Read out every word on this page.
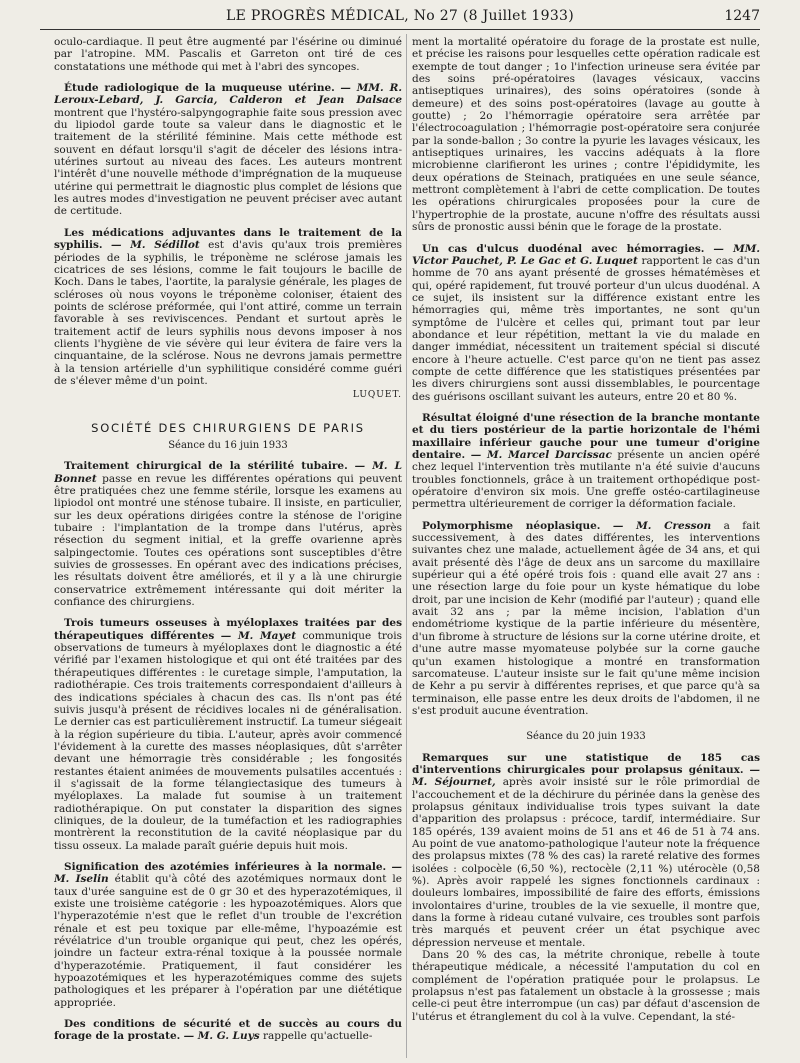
LE PROGRÈS MÉDICAL, No 27 (8 Juillet 1933)	1247

oculo-cardiaque. Il peut être augmenté par l'ésérine ou diminué par l'atropine. MM. Pascalis et Garreton ont tiré de ces constatations une méthode qui met à l'abri des syncopes.

Étude radiologique de la muqueuse utérine. — MM. R. Leroux-Lebard, J. Garcia, Calderon et Jean Dalsace montrent que l'hystéro-salpyngographie faite sous pression avec du lipiodol garde toute sa valeur dans le diagnostic et le traitement de la stérilité féminine. Mais cette méthode est souvent en défaut lorsqu'il s'agit de déceler des lésions intra-utérines surtout au niveau des faces. Les auteurs montrent l'intérêt d'une nouvelle méthode d'imprégnation de la muqueuse utérine qui permettrait le diagnostic plus complet de lésions que les autres modes d'investigation ne peuvent préciser avec autant de certitude.

Les médications adjuvantes dans le traitement de la syphilis. — M. Sédillot est d'avis qu'aux trois premières périodes de la syphilis, le tréponème ne sclérose jamais les cicatrices de ses lésions, comme le fait toujours le bacille de Koch. Dans le tabes, l'aortite, la paralysie générale, les plages de scléroses où nous voyons le tréponème coloniser, étaient des points de sclérose préformée, qui l'ont attiré, comme un terrain favorable à ses reviviscences. Pendant et surtout après le traitement actif de leurs syphilis nous devons imposer à nos clients l'hygiène de vie sévère qui leur évitera de faire vers la cinquantaine, de la sclérose. Nous ne devrons jamais permettre à la tension artérielle d'un syphilitique considéré comme guéri de s'élever même d'un point.

LUQUET.
SOCIÉTÉ DES CHIRURGIENS DE PARIS
Séance du 16 juin 1933

Traitement chirurgical de la stérilité tubaire. — M. L Bonnet passe en revue les différentes opérations qui peuvent être pratiquées chez une femme stérile, lorsque les examens au lipiodol ont montré une sténose tubaire. Il insiste, en particulier, sur les deux opérations dirigées contre la sténose de l'origine tubaire : l'implantation de la trompe dans l'utérus, après résection du segment initial, et la greffe ovarienne après salpingectomie. Toutes ces opérations sont susceptibles d'être suivies de grossesses. En opérant avec des indications précises, les résultats doivent être améliorés, et il y a là une chirurgie conservatrice extrêmement intéressante qui doit mériter la confiance des chirurgiens.

Trois tumeurs osseuses à myéloplaxes traitées par des thérapeutiques différentes — M. Mayet communique trois observations de tumeurs à myéloplaxes dont le diagnostic a été vérifié par l'examen histologique et qui ont été traitées par des thérapeutiques différentes : le curetage simple, l'amputation, la radiothérapie. Ces trois traitements correspondaient d'ailleurs à des indications spéciales à chacun des cas. Ils n'ont pas été suivis jusqu'à présent de récidives locales ni de généralisation. Le dernier cas est particulièrement instructif. La tumeur siégeait à la région supérieure du tibia. L'auteur, après avoir commencé l'évidement à la curette des masses néoplasiques, dût s'arrêter devant une hémorragie très considérable ; les fongosités restantes étaient animées de mouvements pulsatiles accentués : il s'agissait de la forme télangiectasique des tumeurs à myéloplaxes. La malade fut soumise à un traitement radiothérapique. On put constater la disparition des signes cliniques, de la douleur, de la tuméfaction et les radiographies montrèrent la reconstitution de la cavité néoplasique par du tissu osseux. La malade paraît guérie depuis huit mois.

Signification des azotémies inférieures à la normale. — M. Iselin établit qu'à côté des azotémiques normaux dont le taux d'urée sanguine est de 0 gr 30 et des hyperazotémiques, il existe une troisième catégorie : les hypoazotémiques. Alors que l'hyperazotémie n'est que le reflet d'un trouble de l'excrétion rénale et est peu toxique par elle-même, l'hypoazémie est révélatrice d'un trouble organique qui peut, chez les opérés, joindre un facteur extra-rénal toxique à la poussée normale d'hyperazotémie. Pratiquement, il faut considérer les hypoazotémiques et les hyperazotémiques comme des sujets pathologiques et les préparer à l'opération par une diététique appropriée.

Des conditions de sécurité et de succès au cours du forage de la prostate. — M. G. Luys rappelle qu'actuelle-

ment la mortalité opératoire du forage de la prostate est nulle, et précise les raisons pour lesquelles cette opération radicale est exempte de tout danger ; 1o l'infection urineuse sera évitée par des soins pré-opératoires (lavages vésicaux, vaccins antiseptiques urinaires), des soins opératoires (sonde à demeure) et des soins post-opératoires (lavage au goutte à goutte) ; 2o l'hémorragie opératoire sera arrêtée par l'électrocoagulation ; l'hémorragie post-opératoire sera conjurée par la sonde-ballon ; 3o contre la pyurie les lavages vésicaux, les antiseptiques urinaires, les vaccins adéquats à la flore microbienne clarifieront les urines ; contre l'épididymite, les deux opérations de Steinach, pratiquées en une seule séance, mettront complètement à l'abri de cette complication. De toutes les opérations chirurgicales proposées pour la cure de l'hypertrophie de la prostate, aucune n'offre des résultats aussi sûrs de pronostic aussi bénin que le forage de la prostate.

Un cas d'ulcus duodénal avec hémorragies. — MM. Victor Pauchet, P. Le Gac et G. Luquet rapportent le cas d'un homme de 70 ans ayant présenté de grosses hématémèses et qui, opéré rapidement, fut trouvé porteur d'un ulcus duodénal. A ce sujet, ils insistent sur la différence existant entre les hémorragies qui, même très importantes, ne sont qu'un symptôme de l'ulcère et celles qui, primant tout par leur abondance et leur répétition, mettant la vie du malade en danger immédiat, nécessitent un traitement spécial si discuté encore à l'heure actuelle. C'est parce qu'on ne tient pas assez compte de cette différence que les statistiques présentées par les divers chirurgiens sont aussi dissemblables, le pourcentage des guérisons oscillant suivant les auteurs, entre 20 et 80 %.

Résultat éloigné d'une résection de la branche montante et du tiers postérieur de la partie horizontale de l'hémi maxillaire inférieur gauche pour une tumeur d'origine dentaire. — M. Marcel Darcissac présente un ancien opéré chez lequel l'intervention très mutilante n'a été suivie d'aucuns troubles fonctionnels, grâce à un traitement orthopédique post-opératoire d'environ six mois. Une greffe ostéo-cartilagineuse permettra ultérieurement de corriger la déformation faciale.

Polymorphisme néoplasique. — M. Cresson a fait successivement, à des dates différentes, les interventions suivantes chez une malade, actuellement âgée de 34 ans, et qui avait présenté dès l'âge de deux ans un sarcome du maxillaire supérieur qui a été opéré trois fois : quand elle avait 27 ans : une résection large du foie pour un kyste hématique du lobe droit, par une incision de Kehr (modifié par l'auteur) ; quand elle avait 32 ans ; par la même incision, l'ablation d'un endométriome kystique de la partie inférieure du mésentère, d'un fibrome à structure de lésions sur la corne utérine droite, et d'une autre masse myomateuse polybée sur la corne gauche qu'un examen histologique a montré en transformation sarcomateuse. L'auteur insiste sur le fait qu'une même incision de Kehr a pu servir à différentes reprises, et que parce qu'à sa terminaison, elle passe entre les deux droits de l'abdomen, il ne s'est produit aucune éventration.

Séance du 20 juin 1933

Remarques sur une statistique de 185 cas d'interventions chirurgicales pour prolapsus génitaux. — M. Séjournet, après avoir insisté sur le rôle primordial de l'accouchement et de la déchirure du périnée dans la genèse des prolapsus génitaux individualise trois types suivant la date d'apparition des prolapsus : précoce, tardif, intermédiaire. Sur 185 opérés, 139 avaient moins de 51 ans et 46 de 51 à 74 ans. Au point de vue anatomo-pathologique l'auteur note la fréquence des prolapsus mixtes (78 % des cas) la rareté relative des formes isolées : colpocèle (6,50 %), rectocèle (2,11 %) utérocèle (0,58 %). Après avoir rappelé les signes fonctionnels cardinaux : douleurs lombaires, impossibilité de faire des efforts, émissions involontaires d'urine, troubles de la vie sexuelle, il montre que, dans la forme à rideau cutané vulvaire, ces troubles sont parfois très marqués et peuvent créer un état psychique avec dépression nerveuse et mentale.

Dans 20 % des cas, la métrite chronique, rebelle à toute thérapeutique médicale, a nécessité l'amputation du col en complément de l'opération pratiquée pour le prolapsus. Le prolapsus n'est pas fatalement un obstacle à la grossesse ; mais celle-ci peut être interrompue (un cas) par défaut d'ascension de l'utérus et étranglement du col à la vulve. Cependant, la sté-
